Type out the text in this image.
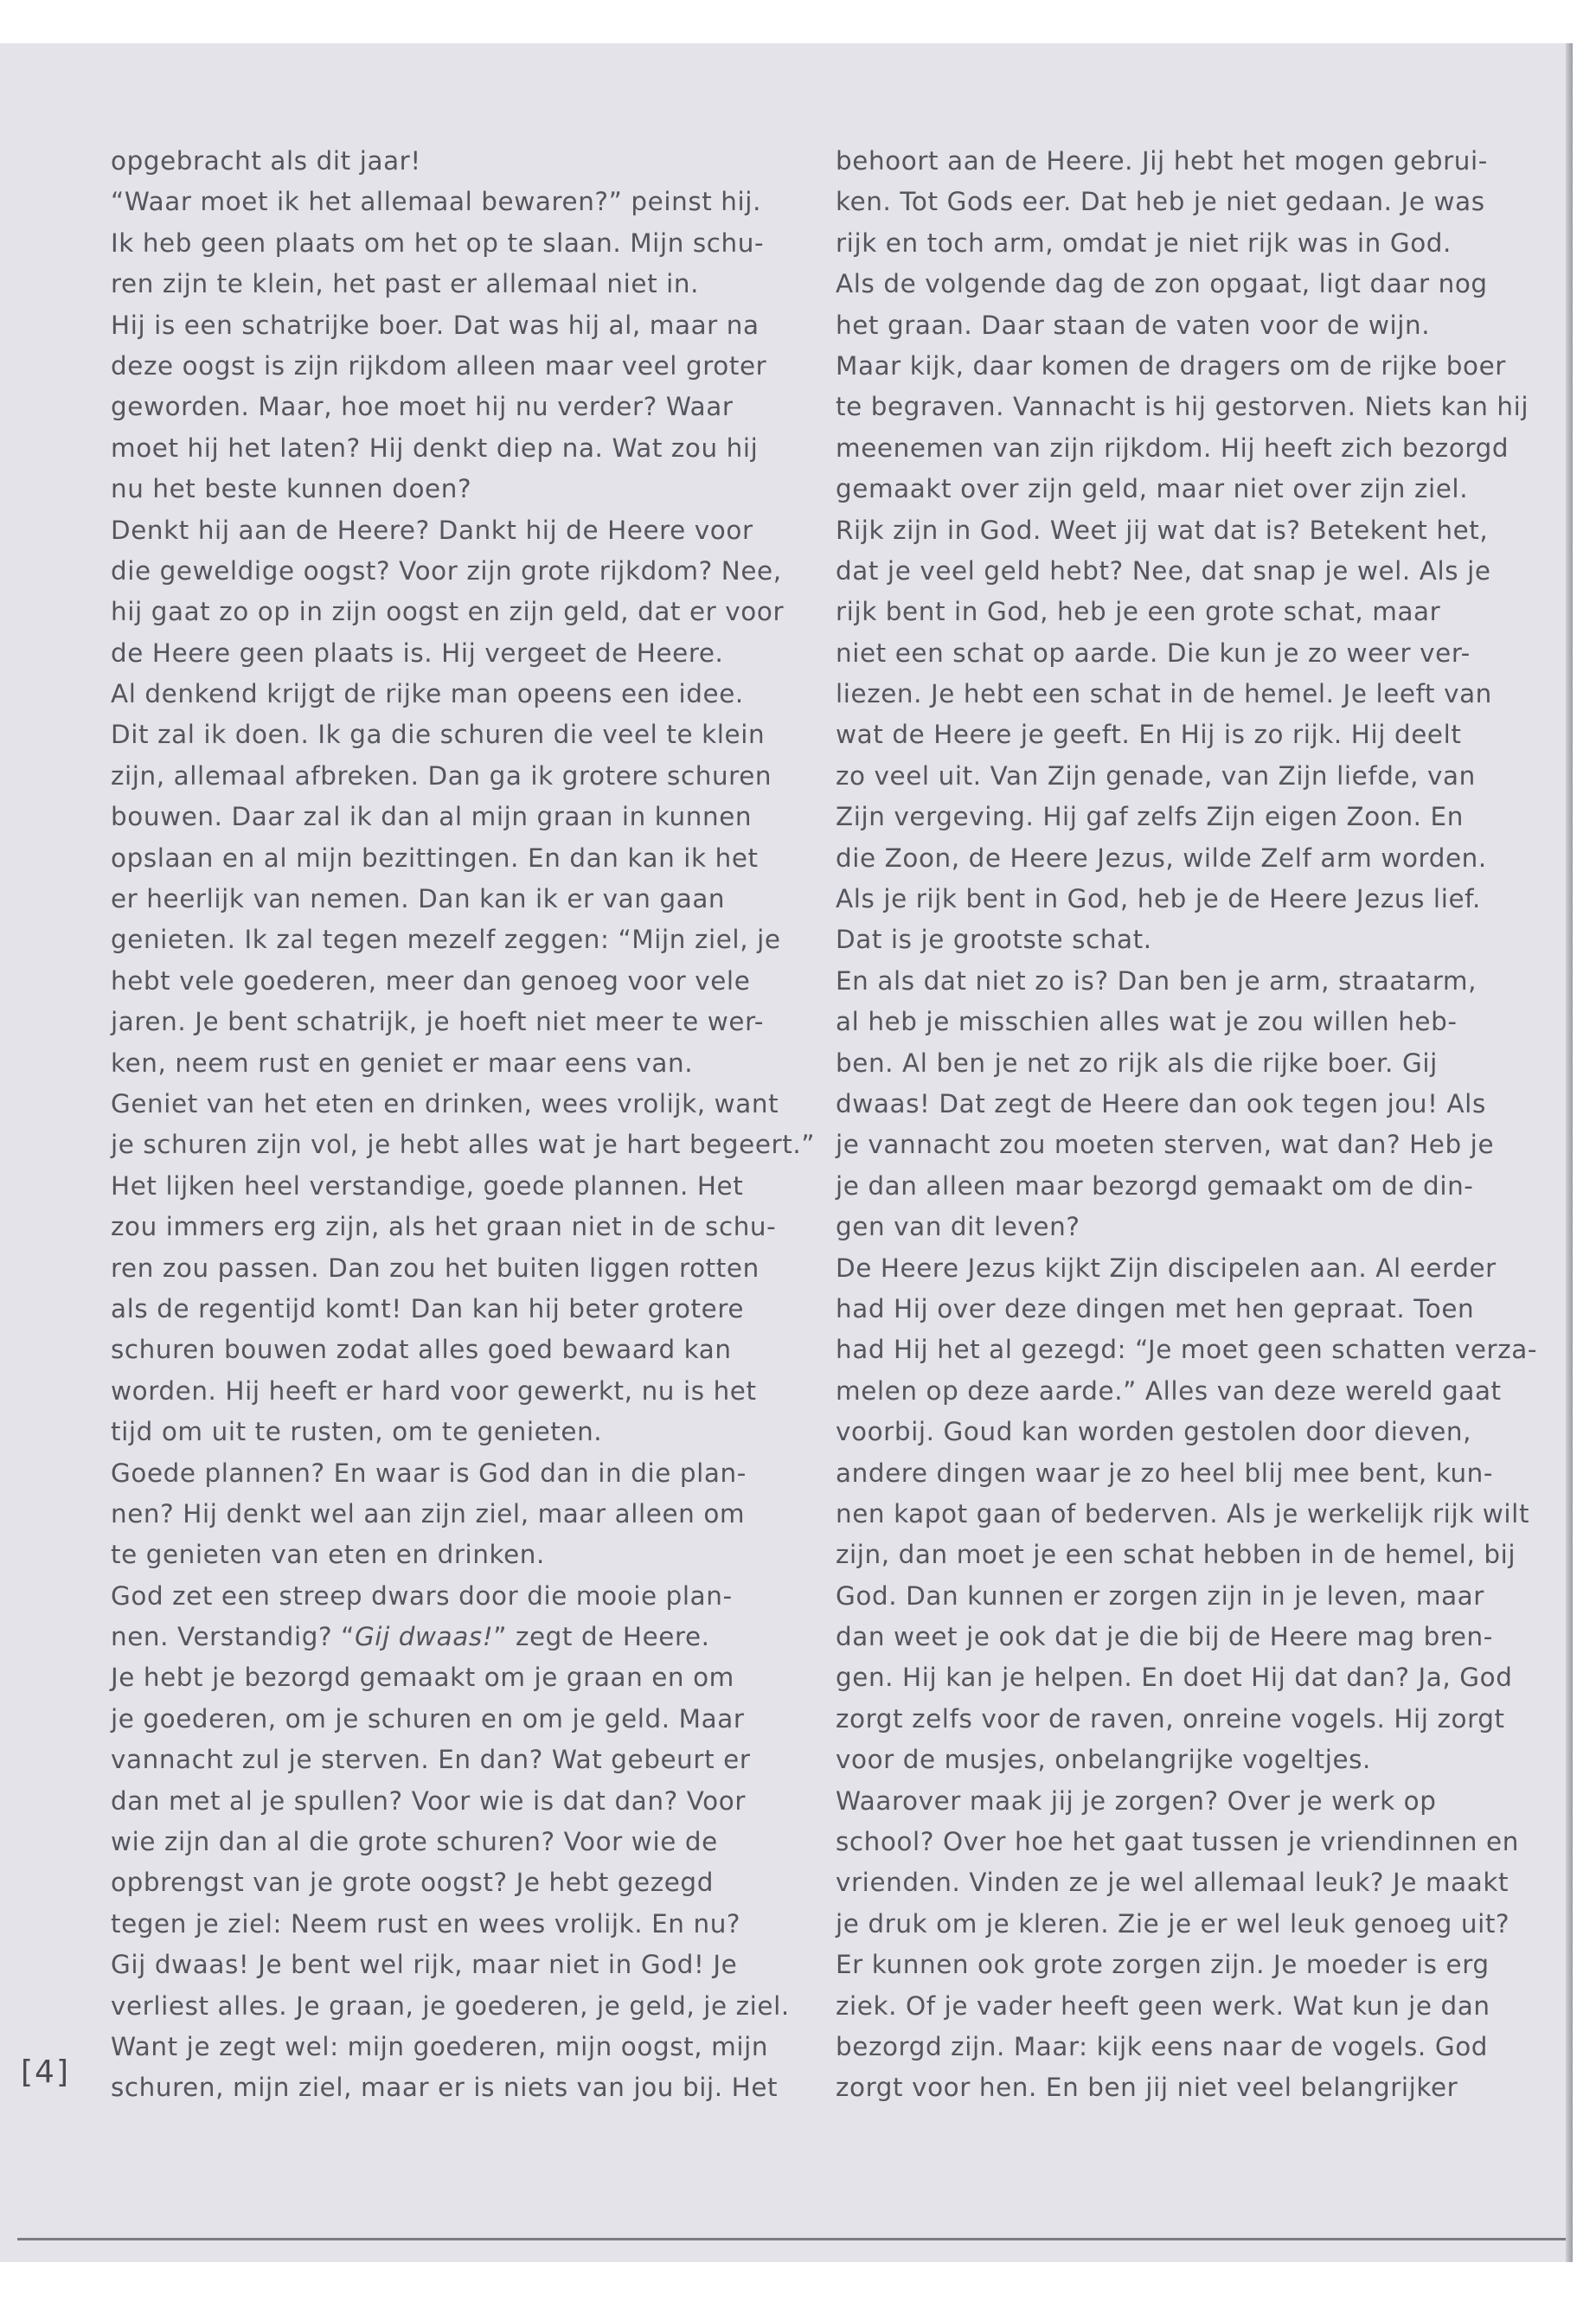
opgebracht als dit jaar!
“Waar moet ik het allemaal bewaren?” peinst hij.
Ik heb geen plaats om het op te slaan. Mijn schu-
ren zijn te klein, het past er allemaal niet in.
Hij is een schatrijke boer. Dat was hij al, maar na
deze oogst is zijn rijkdom alleen maar veel groter
geworden. Maar, hoe moet hij nu verder? Waar
moet hij het laten? Hij denkt diep na. Wat zou hij
nu het beste kunnen doen?
Denkt hij aan de Heere? Dankt hij de Heere voor
die geweldige oogst? Voor zijn grote rijkdom? Nee,
hij gaat zo op in zijn oogst en zijn geld, dat er voor
de Heere geen plaats is. Hij vergeet de Heere.
Al denkend krijgt de rijke man opeens een idee.
Dit zal ik doen. Ik ga die schuren die veel te klein
zijn, allemaal afbreken. Dan ga ik grotere schuren
bouwen. Daar zal ik dan al mijn graan in kunnen
opslaan en al mijn bezittingen. En dan kan ik het
er heerlijk van nemen. Dan kan ik er van gaan
genieten. Ik zal tegen mezelf zeggen: “Mijn ziel, je
hebt vele goederen, meer dan genoeg voor vele
jaren. Je bent schatrijk, je hoeft niet meer te wer-
ken, neem rust en geniet er maar eens van.
Geniet van het eten en drinken, wees vrolijk, want
je schuren zijn vol, je hebt alles wat je hart begeert.”
Het lijken heel verstandige, goede plannen. Het
zou immers erg zijn, als het graan niet in de schu-
ren zou passen. Dan zou het buiten liggen rotten
als de regentijd komt! Dan kan hij beter grotere
schuren bouwen zodat alles goed bewaard kan
worden. Hij heeft er hard voor gewerkt, nu is het
tijd om uit te rusten, om te genieten.
Goede plannen? En waar is God dan in die plan-
nen? Hij denkt wel aan zijn ziel, maar alleen om
te genieten van eten en drinken.
God zet een streep dwars door die mooie plan-
nen. Verstandig? “Gij dwaas!” zegt de Heere.
Je hebt je bezorgd gemaakt om je graan en om
je goederen, om je schuren en om je geld. Maar
vannacht zul je sterven. En dan? Wat gebeurt er
dan met al je spullen? Voor wie is dat dan? Voor
wie zijn dan al die grote schuren? Voor wie de
opbrengst van je grote oogst? Je hebt gezegd
tegen je ziel: Neem rust en wees vrolijk. En nu?
Gij dwaas! Je bent wel rijk, maar niet in God! Je
verliest alles. Je graan, je goederen, je geld, je ziel.
Want je zegt wel: mijn goederen, mijn oogst, mijn
schuren, mijn ziel, maar er is niets van jou bij. Het
behoort aan de Heere. Jij hebt het mogen gebrui-
ken. Tot Gods eer. Dat heb je niet gedaan. Je was
rijk en toch arm, omdat je niet rijk was in God.
Als de volgende dag de zon opgaat, ligt daar nog
het graan. Daar staan de vaten voor de wijn.
Maar kijk, daar komen de dragers om de rijke boer
te begraven. Vannacht is hij gestorven. Niets kan hij
meenemen van zijn rijkdom. Hij heeft zich bezorgd
gemaakt over zijn geld, maar niet over zijn ziel.
Rijk zijn in God. Weet jij wat dat is? Betekent het,
dat je veel geld hebt? Nee, dat snap je wel. Als je
rijk bent in God, heb je een grote schat, maar
niet een schat op aarde. Die kun je zo weer ver-
liezen. Je hebt een schat in de hemel. Je leeft van
wat de Heere je geeft. En Hij is zo rijk. Hij deelt
zo veel uit. Van Zijn genade, van Zijn liefde, van
Zijn vergeving. Hij gaf zelfs Zijn eigen Zoon. En
die Zoon, de Heere Jezus, wilde Zelf arm worden.
Als je rijk bent in God, heb je de Heere Jezus lief.
Dat is je grootste schat.
En als dat niet zo is? Dan ben je arm, straatarm,
al heb je misschien alles wat je zou willen heb-
ben. Al ben je net zo rijk als die rijke boer. Gij
dwaas! Dat zegt de Heere dan ook tegen jou! Als
je vannacht zou moeten sterven, wat dan? Heb je
je dan alleen maar bezorgd gemaakt om de din-
gen van dit leven?
De Heere Jezus kijkt Zijn discipelen aan. Al eerder
had Hij over deze dingen met hen gepraat. Toen
had Hij het al gezegd: “Je moet geen schatten verza-
melen op deze aarde.” Alles van deze wereld gaat
voorbij. Goud kan worden gestolen door dieven,
andere dingen waar je zo heel blij mee bent, kun-
nen kapot gaan of bederven. Als je werkelijk rijk wilt
zijn, dan moet je een schat hebben in de hemel, bij
God. Dan kunnen er zorgen zijn in je leven, maar
dan weet je ook dat je die bij de Heere mag bren-
gen. Hij kan je helpen. En doet Hij dat dan? Ja, God
zorgt zelfs voor de raven, onreine vogels. Hij zorgt
voor de musjes, onbelangrijke vogeltjes.
Waarover maak jij je zorgen? Over je werk op
school? Over hoe het gaat tussen je vriendinnen en
vrienden. Vinden ze je wel allemaal leuk? Je maakt
je druk om je kleren. Zie je er wel leuk genoeg uit?
Er kunnen ook grote zorgen zijn. Je moeder is erg
ziek. Of je vader heeft geen werk. Wat kun je dan
bezorgd zijn. Maar: kijk eens naar de vogels. God
zorgt voor hen. En ben jij niet veel belangrijker
[4]
